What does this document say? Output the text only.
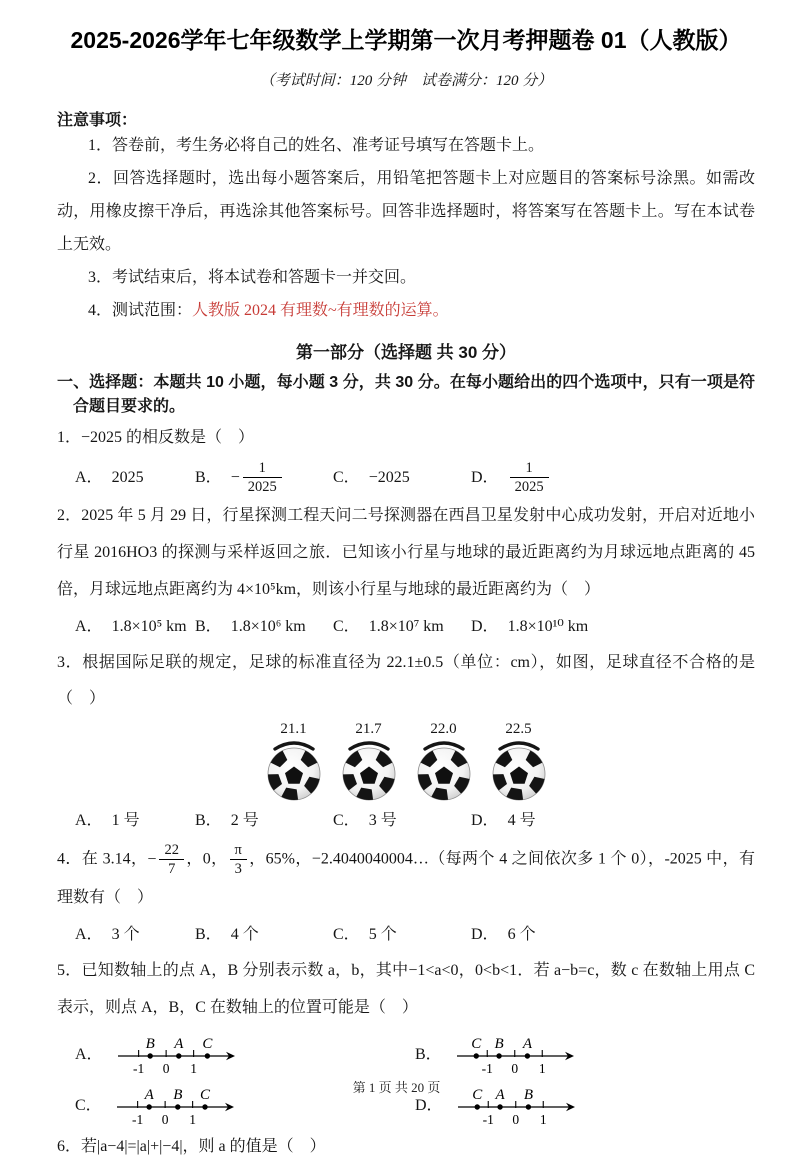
2025-2026学年七年级数学上学期第一次月考押题卷 01（人教版）
（考试时间：120 分钟　试卷满分：120 分）
注意事项：

1．答卷前，考生务必将自己的姓名、准考证号填写在答题卡上。

2．回答选择题时，选出每小题答案后，用铅笔把答题卡上对应题目的答案标号涂黑。如需改动，用橡皮擦干净后，再选涂其他答案标号。回答非选择题时，将答案写在答题卡上。写在本试卷上无效。

3．考试结束后，将本试卷和答题卡一并交回。

4．测试范围：人教版 2024 有理数~有理数的运算。

第一部分（选择题 共 30 分）

一、选择题：本题共 10 小题，每小题 3 分，共 30 分。在每小题给出的四个选项中，只有一项是符合题目要求的。

1．−2025 的相反数是（　）

A． 2025	B． − $\frac{1}{2025}$	C． −2025	D． $\frac{1}{2025}$

2．2025 年 5 月 29 日，行星探测工程天问二号探测器在西昌卫星发射中心成功发射，开启对近地小行星 2016HO3 的探测与采样返回之旅．已知该小行星与地球的最近距离约为月球远地点距离的 45 倍，月球远地点距离约为 4×10⁵km，则该小行星与地球的最近距离约为（　）

A． 1.8×10⁵ km B． 1.8×10⁶ km C． 1.8×10⁷ km D． 1.8×10¹⁰ km

3．根据国际足联的规定，足球的标准直径为 22.1±0.5（单位：cm），如图，足球直径不合格的是（　）

21.1	21.7	22.0	22.5
A． 1 号	B． 2 号	C． 3 号	D． 4 号

4．在 3.14，− $\frac{22}{7}$ ，0， $\frac{\pi}{3}$ ，65%，−2.4040040004…（每两个 4 之间依次多 1 个 0），-2025 中，有理数有（　）

A． 3 个	B． 4 个	C． 5 个	D． 6 个

5．已知数轴上的点 A，B 分别表示数 a，b，其中−1<a<0，0<b<1．若 a−b=c，数 c 在数轴上用点 C 表示，则点 A，B，C 在数轴上的位置可能是（　）

A．
-1 0 1
B A C
B．
-1 0 1
C B A
C．
-1 0 1
A B C
D．
-1 0 1
C A B

6．若|a−4|=|a|+|−4|，则 a 的值是（　）

第 1 页 共 20 页
